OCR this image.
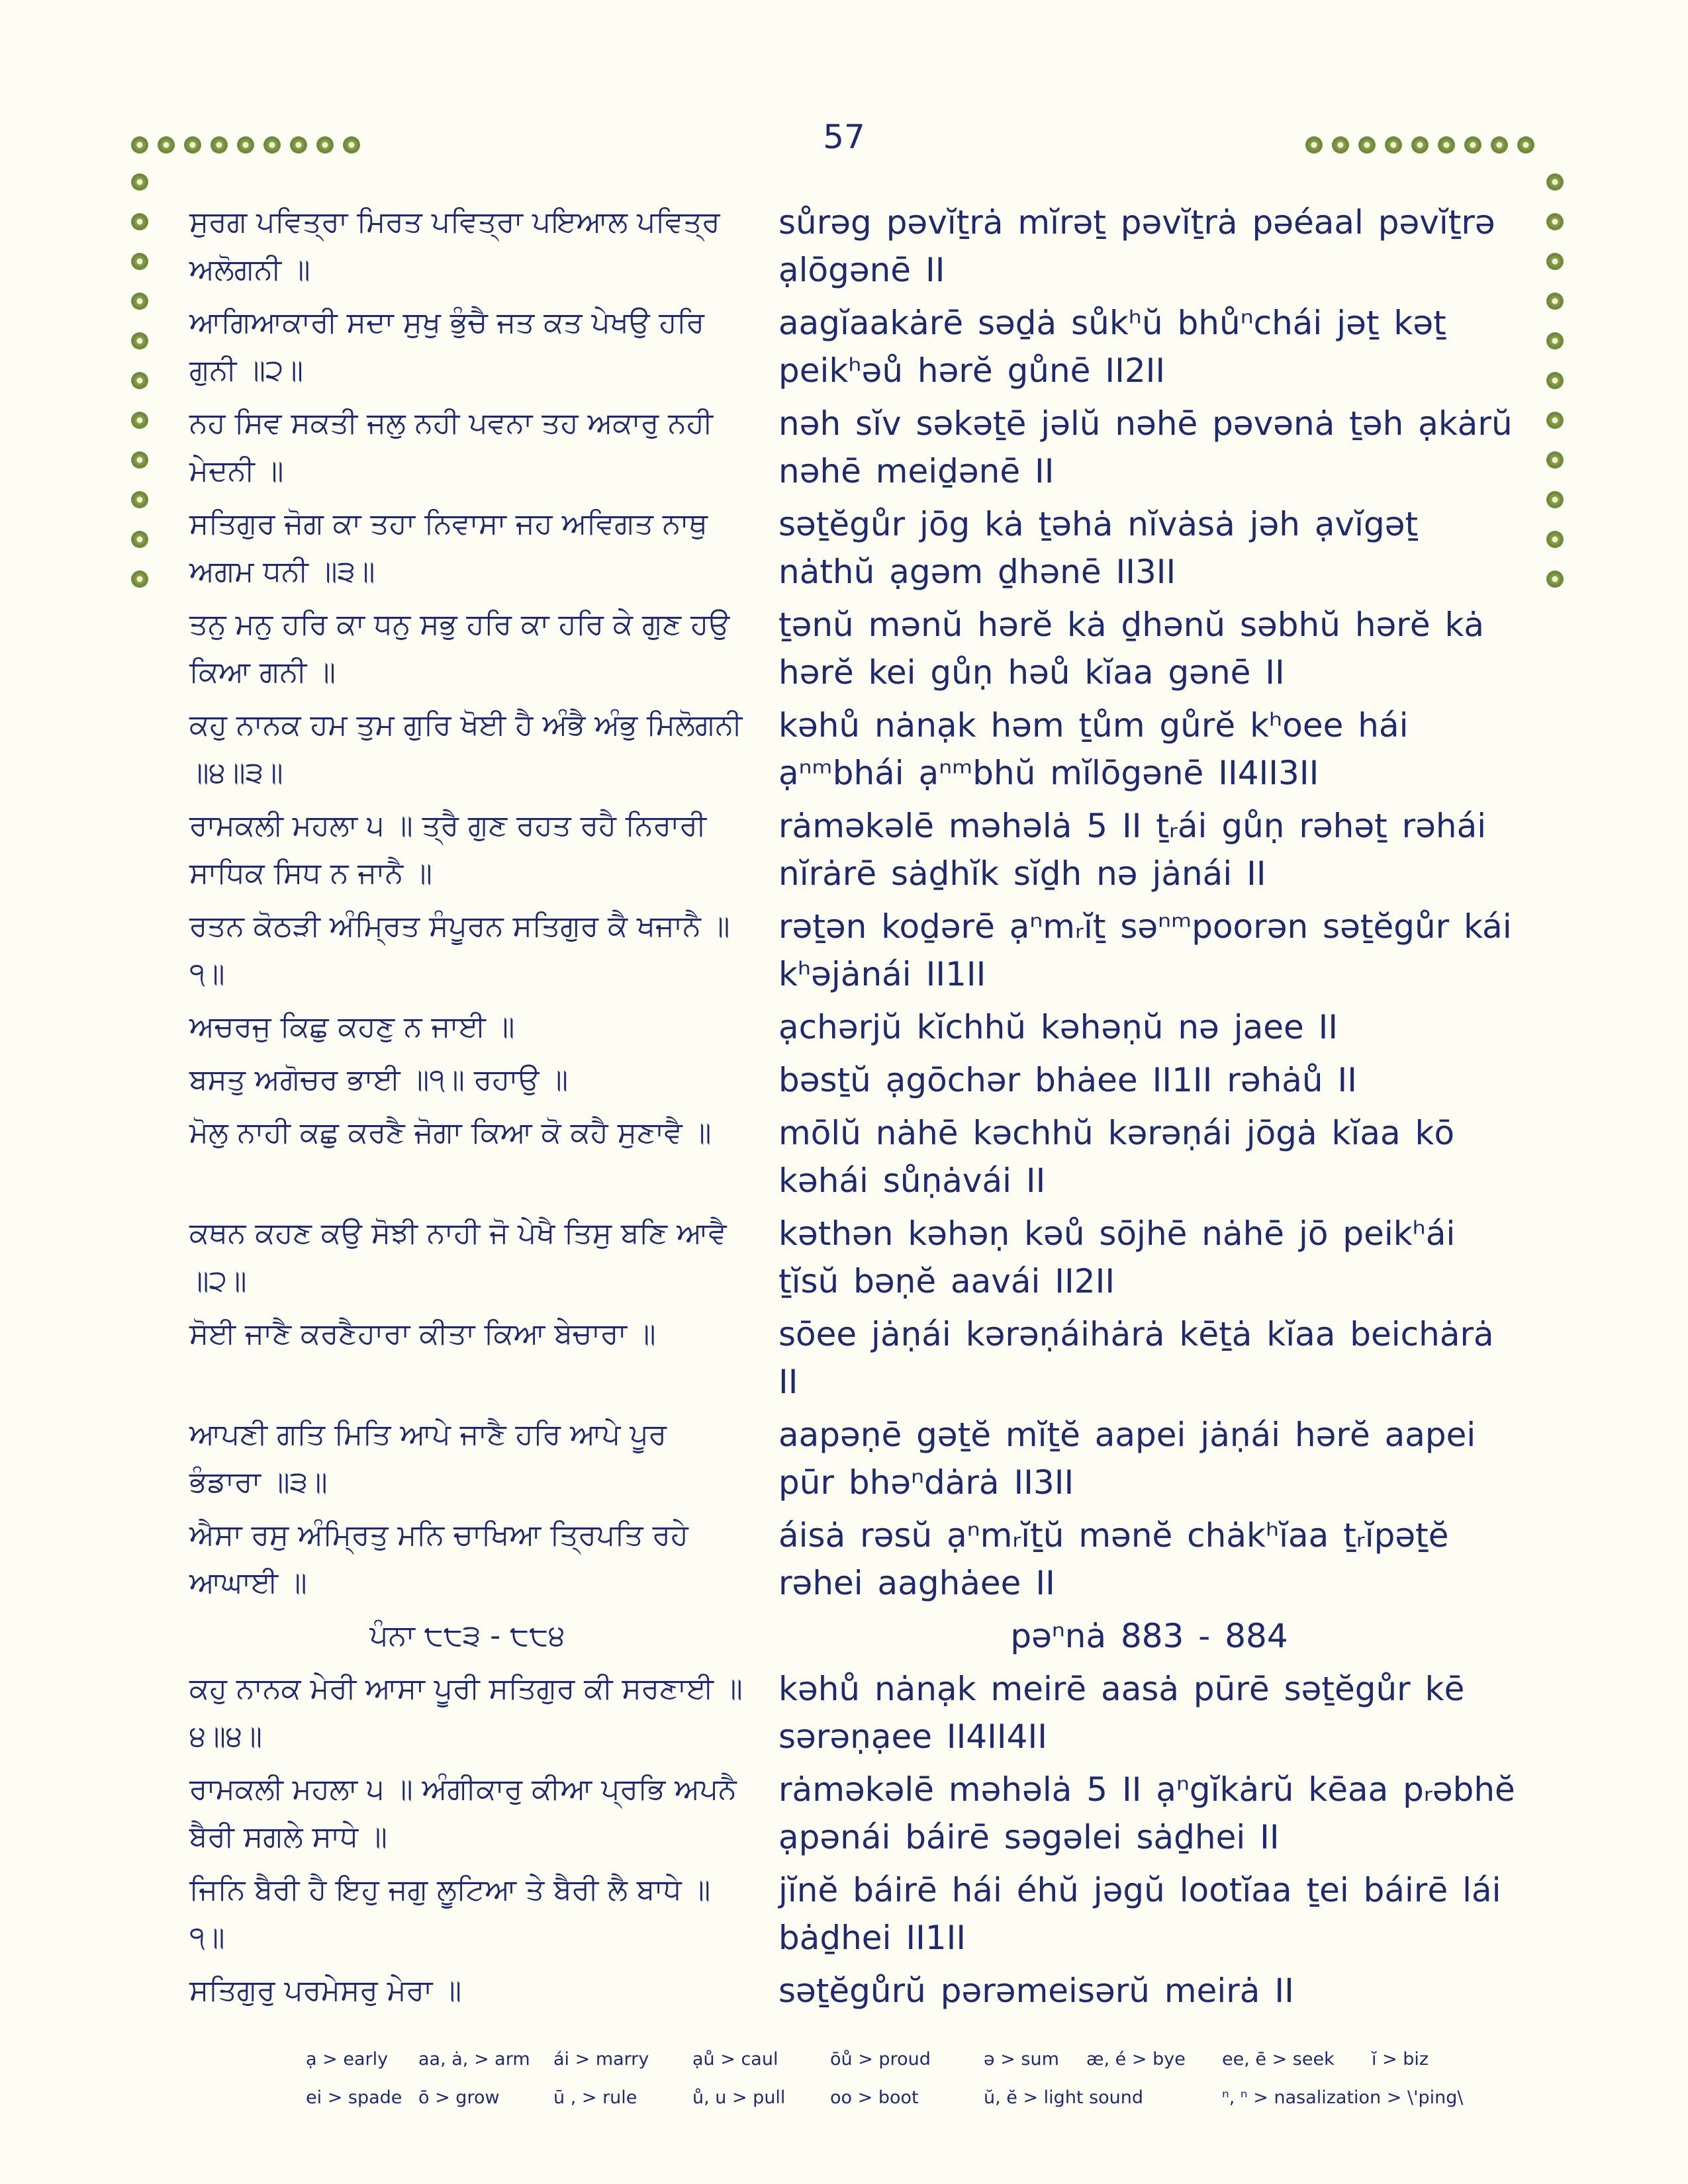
57
ਸੁਰਗ ਪਵਿਤ੍ਰਾ ਮਿਰਤ ਪਵਿਤ੍ਰਾ ਪਇਆਲ ਪਵਿਤ੍ਰ ਅਲੋਗਨੀ ॥
sůrəg pəvĭṯrȧ mĭrəṯ pəvĭṯrȧ pəéaal pəvĭṯrə ạlōgənē II
ਆਗਿਆਕਾਰੀ ਸਦਾ ਸੁਖੁ ਭੁੰਚੈ ਜਤ ਕਤ ਪੇਖਉ ਹਰਿ ਗੁਨੀ ॥੨॥
aagĭaakȧrē səḏȧ sůkʰŭ bhůⁿchái jəṯ kəṯ peikʰəů hərĕ gůnē II2II
ਨਹ ਸਿਵ ਸਕਤੀ ਜਲੁ ਨਹੀ ਪਵਨਾ ਤਹ ਅਕਾਰੁ ਨਹੀ ਮੇਦਨੀ ॥
nəh sĭv səkəṯē jəlŭ nəhē pəvənȧ ṯəh ạkȧrŭ nəhē meiḏənē II
ਸਤਿਗੁਰ ਜੋਗ ਕਾ ਤਹਾ ਨਿਵਾਸਾ ਜਹ ਅਵਿਗਤ ਨਾਥੁ ਅਗਮ ਧਨੀ ॥੩॥
səṯĕgůr jōg kȧ ṯəhȧ nĭvȧsȧ jəh ạvĭgəṯ nȧthŭ ạgəm ḏhənē II3II
ਤਨੁ ਮਨੁ ਹਰਿ ਕਾ ਧਨੁ ਸਭੁ ਹਰਿ ਕਾ ਹਰਿ ਕੇ ਗੁਣ ਹਉ ਕਿਆ ਗਨੀ ॥
ṯənŭ mənŭ hərĕ kȧ ḏhənŭ səbhŭ hərĕ kȧ hərĕ kei gůṇ həů kĭaa gənē II
ਕਹੁ ਨਾਨਕ ਹਮ ਤੁਮ ਗੁਰਿ ਖੋਈ ਹੈ ਅੰਭੈ ਅੰਭੁ ਮਿਲੋਗਨੀ ॥੪॥੩॥
kəhů nȧnạk həm ṯům gůrĕ kʰoee hái ạⁿᵐbhái ạⁿᵐbhŭ mĭlōgənē II4II3II
ਰਾਮਕਲੀ ਮਹਲਾ ੫ ॥ ਤ੍ਰੈ ਗੁਣ ਰਹਤ ਰਹੈ ਨਿਰਾਰੀ ਸਾਧਿਕ ਸਿਧ ਨ ਜਾਨੈ ॥
rȧməkəlē məhəlȧ 5 II ṯᵣái gůṇ rəhəṯ rəhái nĭrȧrē sȧḏhĭk sĭḏh nə jȧnái II
ਰਤਨ ਕੋਠੜੀ ਅੰਮ੍ਰਿਤ ਸੰਪੂਰਨ ਸਤਿਗੁਰ ਕੈ ਖਜਾਨੈ ॥੧॥
rəṯən koḏərē ạⁿmᵣĭṯ səⁿᵐpoorən səṯĕgůr kái kʰəjȧnái II1II
ਅਚਰਜੁ ਕਿਛੁ ਕਹਣੁ ਨ ਜਾਈ ॥	ạchərjŭ kĭchhŭ kəhəṇŭ nə jaee II
ਬਸਤੁ ਅਗੋਚਰ ਭਾਈ ॥੧॥ ਰਹਾਉ ॥	bəsṯŭ ạgōchər bhȧee II1II rəhȧů II
ਮੋਲੁ ਨਾਹੀ ਕਛੁ ਕਰਣੈ ਜੋਗਾ ਕਿਆ ਕੋ ਕਹੈ ਸੁਣਾਵੈ ॥	mōlŭ nȧhē kəchhŭ kərəṇái jōgȧ kĭaa kō kəhái sůṇȧvái II
ਕਥਨ ਕਹਣ ਕਉ ਸੋਝੀ ਨਾਹੀ ਜੋ ਪੇਖੈ ਤਿਸੁ ਬਣਿ ਆਵੈ ॥੨॥
kəthən kəhəṇ kəů sōjhē nȧhē jō peikʰái ṯĭsŭ bəṇĕ aavái II2II
ਸੋਈ ਜਾਣੈ ਕਰਣੈਹਾਰਾ ਕੀਤਾ ਕਿਆ ਬੇਚਾਰਾ ॥	sōee jȧṇái kərəṇáihȧrȧ kēṯȧ kĭaa beichȧrȧ II
ਆਪਣੀ ਗਤਿ ਮਿਤਿ ਆਪੇ ਜਾਣੈ ਹਰਿ ਆਪੇ ਪੂਰ ਭੰਡਾਰਾ ॥੩॥
aapəṇē gəṯĕ mĭṯĕ aapei jȧṇái hərĕ aapei pūr bhəⁿdȧrȧ II3II
ਐਸਾ ਰਸੁ ਅੰਮ੍ਰਿਤੁ ਮਨਿ ਚਾਖਿਆ ਤ੍ਰਿਪਤਿ ਰਹੇ ਆਘਾਈ ॥
áisȧ rəsŭ ạⁿmᵣĭṯŭ mənĕ chȧkʰĭaa ṯᵣĭpəṯĕ rəhei aaghȧee II
ਪੰਨਾ ੮੮੩ - ੮੮੪	pəⁿnȧ 883 - 884
ਕਹੁ ਨਾਨਕ ਮੇਰੀ ਆਸਾ ਪੂਰੀ ਸਤਿਗੁਰ ਕੀ ਸਰਣਾਈ ॥੪॥੪॥
kəhů nȧnạk meirē aasȧ pūrē səṯĕgůr kē sərəṇạee II4II4II
ਰਾਮਕਲੀ ਮਹਲਾ ੫ ॥ ਅੰਗੀਕਾਰੁ ਕੀਆ ਪ੍ਰਭਿ ਅਪਨੈ ਬੈਰੀ ਸਗਲੇ ਸਾਧੇ ॥
rȧməkəlē məhəlȧ 5 II ạⁿgĭkȧrŭ kēaa pᵣəbhĕ ạpənái báirē səgəlei sȧḏhei II
ਜਿਨਿ ਬੈਰੀ ਹੈ ਇਹੁ ਜਗੁ ਲੂਟਿਆ ਤੇ ਬੈਰੀ ਲੈ ਬਾਧੇ ॥੧॥
jĭnĕ báirē hái éhŭ jəgŭ lootĭaa ṯei báirē lái bȧḏhei II1II
ਸਤਿਗੁਰੁ ਪਰਮੇਸਰੁ ਮੇਰਾ ॥	səṯĕgůrŭ pərəmeisərŭ meirȧ II
ạ > early	aa, ȧ, > arm	ái > marry	ạů > caul	ōů > proud	ə > sum	æ, é > bye	ee, ē > seek	ĭ > biz
ei > spade ō > grow	ū , > rule	ů, u > pull	oo > boot	ŭ, ĕ > light sound	ⁿ, ⁿ > nasalization > \'ping\
